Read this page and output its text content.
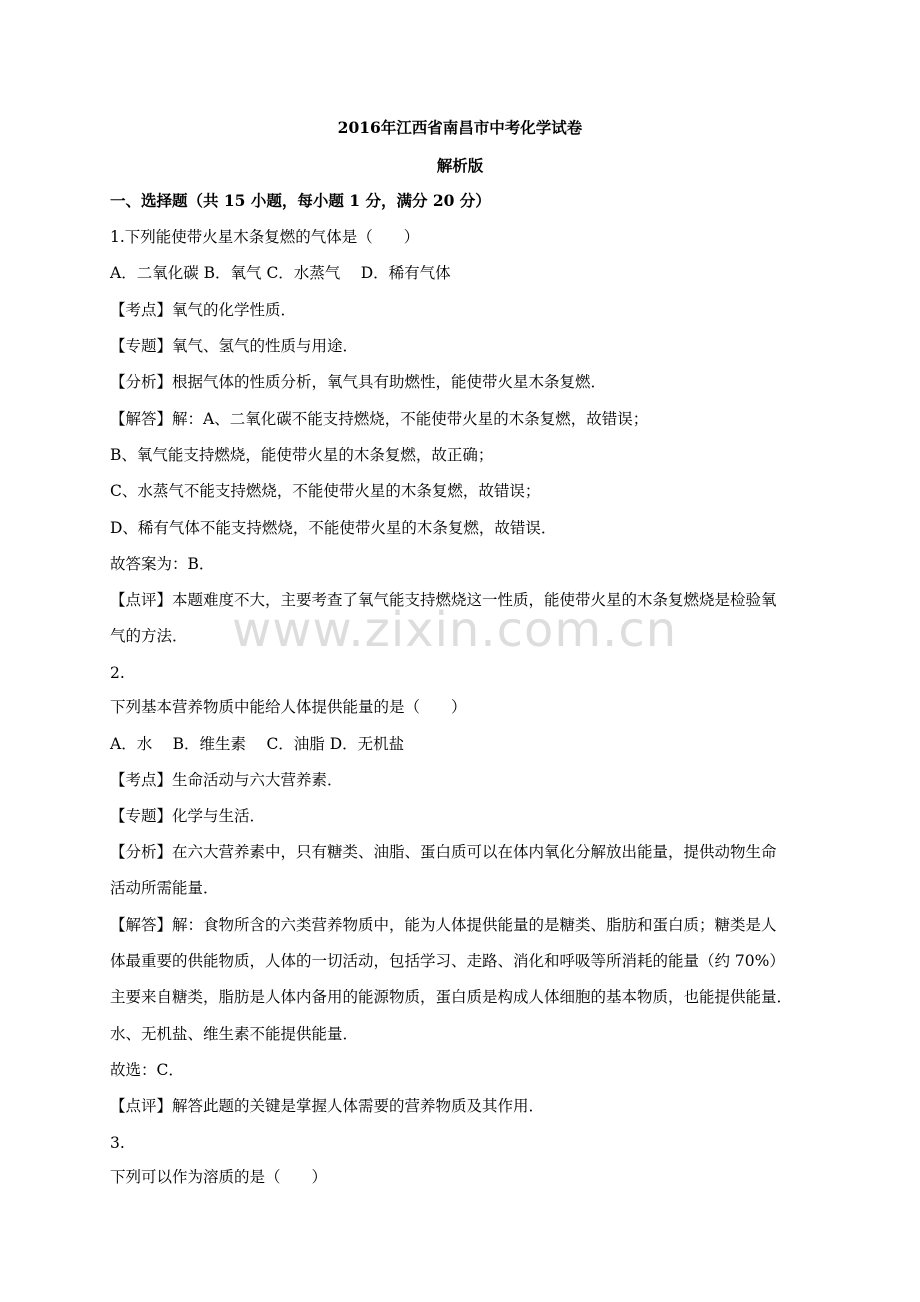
2016年江西省南昌市中考化学试卷
解析版
一、选择题（共 15 小题，每小题 1 分，满分 20 分）
1.下列能使带火星木条复燃的气体是（　　）
A．二氧化碳 B．氧气 C．水蒸气　 D．稀有气体
【考点】氧气的化学性质．
【专题】氧气、氢气的性质与用途．
【分析】根据气体的性质分析，氧气具有助燃性，能使带火星木条复燃．
【解答】解：A、二氧化碳不能支持燃烧，不能使带火星的木条复燃，故错误；
B、氧气能支持燃烧，能使带火星的木条复燃，故正确；
C、水蒸气不能支持燃烧，不能使带火星的木条复燃，故错误；
D、稀有气体不能支持燃烧，不能使带火星的木条复燃，故错误．
故答案为：B．
【点评】本题难度不大，主要考查了氧气能支持燃烧这一性质，能使带火星的木条复燃烧是检验氧
气的方法．
2.
下列基本营养物质中能给人体提供能量的是（　　）
A．水　 B．维生素　 C．油脂 D．无机盐
【考点】生命活动与六大营养素．
【专题】化学与生活．
【分析】在六大营养素中，只有糖类、油脂、蛋白质可以在体内氧化分解放出能量，提供动物生命
活动所需能量．
【解答】解：食物所含的六类营养物质中，能为人体提供能量的是糖类、脂肪和蛋白质；糖类是人
体最重要的供能物质，人体的一切活动，包括学习、走路、消化和呼吸等所消耗的能量（约 70%）
主要来自糖类，脂肪是人体内备用的能源物质，蛋白质是构成人体细胞的基本物质，也能提供能量．
水、无机盐、维生素不能提供能量．
故选：C．
【点评】解答此题的关键是掌握人体需要的营养物质及其作用．
3.
下列可以作为溶质的是（　　）
www.zixin.com.cn
